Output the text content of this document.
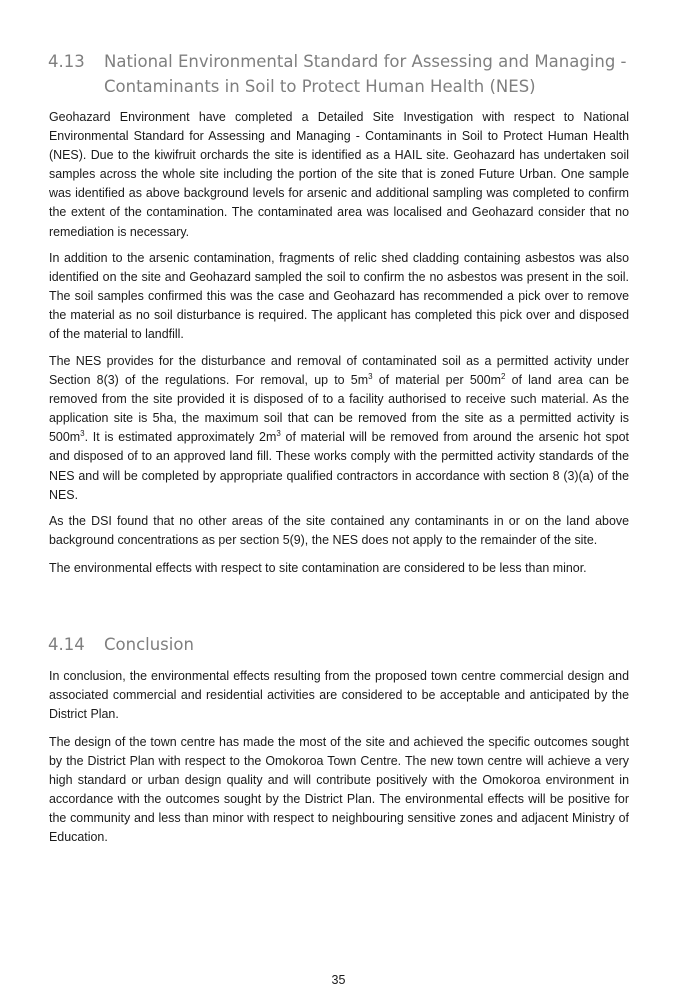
4.13 National Environmental Standard for Assessing and Managing - Contaminants in Soil to Protect Human Health (NES)

Geohazard Environment have completed a Detailed Site Investigation with respect to National Environmental Standard for Assessing and Managing - Contaminants in Soil to Protect Human Health (NES). Due to the kiwifruit orchards the site is identified as a HAIL site. Geohazard has undertaken soil samples across the whole site including the portion of the site that is zoned Future Urban. One sample was identified as above background levels for arsenic and additional sampling was completed to confirm the extent of the contamination. The contaminated area was localised and Geohazard consider that no remediation is necessary.

In addition to the arsenic contamination, fragments of relic shed cladding containing asbestos was also identified on the site and Geohazard sampled the soil to confirm the no asbestos was present in the soil. The soil samples confirmed this was the case and Geohazard has recommended a pick over to remove the material as no soil disturbance is required. The applicant has completed this pick over and disposed of the material to landfill.

The NES provides for the disturbance and removal of contaminated soil as a permitted activity under Section 8(3) of the regulations. For removal, up to $5m^3$ of material per $500m^2$ of land area can be removed from the site provided it is disposed of to a facility authorised to receive such material. As the application site is 5ha, the maximum soil that can be removed from the site as a permitted activity is $500m^3$. It is estimated approximately $2m^3$ of material will be removed from around the arsenic hot spot and disposed of to an approved land fill. These works comply with the permitted activity standards of the NES and will be completed by appropriate qualified contractors in accordance with section 8 (3)(a) of the NES.

As the DSI found that no other areas of the site contained any contaminants in or on the land above background concentrations as per section 5(9), the NES does not apply to the remainder of the site.

The environmental effects with respect to site contamination are considered to be less than minor.

4.14 Conclusion

In conclusion, the environmental effects resulting from the proposed town centre commercial design and associated commercial and residential activities are considered to be acceptable and anticipated by the District Plan.

The design of the town centre has made the most of the site and achieved the specific outcomes sought by the District Plan with respect to the Omokoroa Town Centre. The new town centre will achieve a very high standard or urban design quality and will contribute positively with the Omokoroa environment in accordance with the outcomes sought by the District Plan. The environmental effects will be positive for the community and less than minor with respect to neighbouring sensitive zones and adjacent Ministry of Education.

35
